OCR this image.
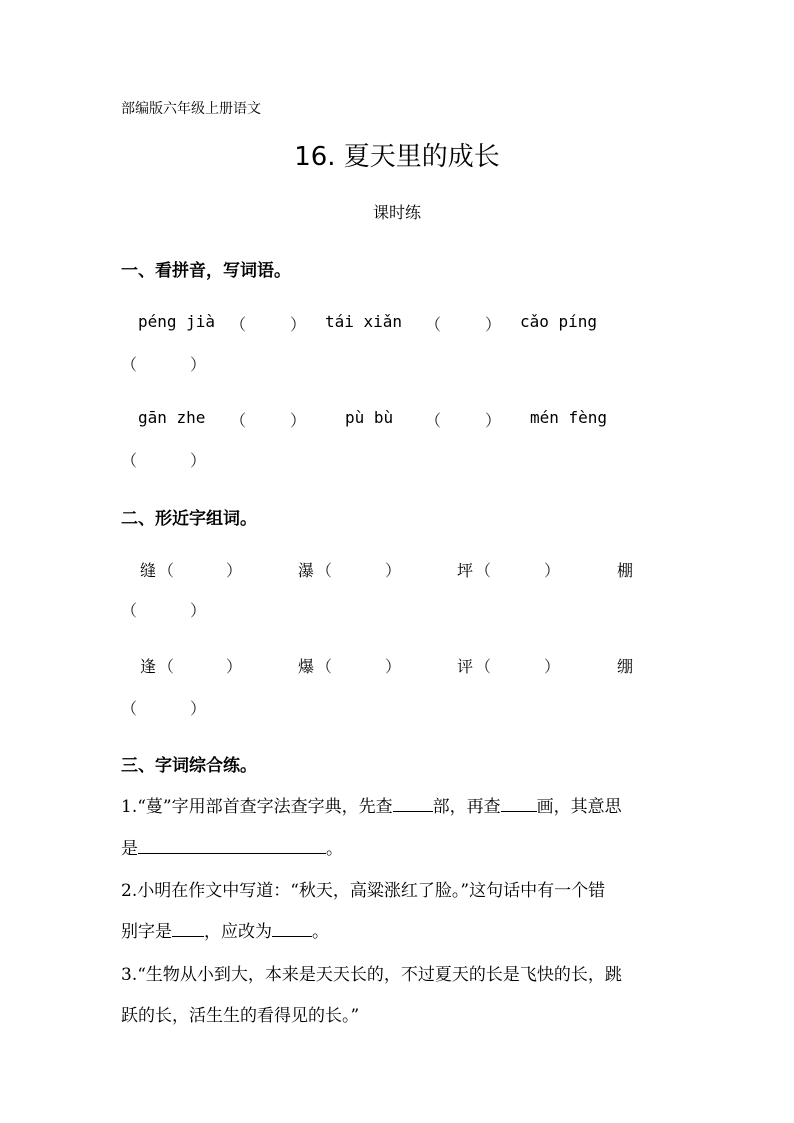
部编版六年级上册语文
16. 夏天里的成长
课时练
一、看拼音，写词语。
péng jià （	） tái xiǎn （	） cǎo píng
（	）
gān zhe （	） pù bù （	） mén fèng
（	）
二、形近字组词。
缝 （	）	瀑 （	）	坪 （	）	棚
（	）
逢 （	）	爆 （	）	评 （	）	绷
（	）
三、字词综合练。
1.“蔓”字用部首查字法查字典，先查 部，再查 画，其意思
是	。
2.小明在作文中写道：“秋天，高粱涨红了脸。”这句话中有一个错
别字是 ，应改为 。
3.“生物从小到大，本来是天天长的，不过夏天的长是飞快的长，跳
跃的长，活生生的看得见的长。”
